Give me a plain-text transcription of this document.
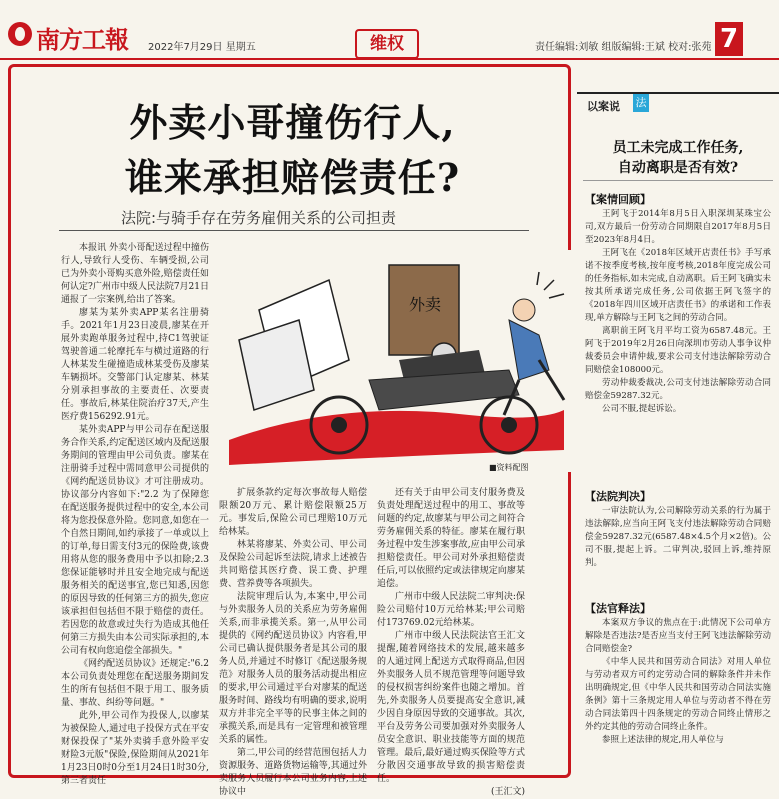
南方工報 2022年7月29日 星期五	维权	责任编辑:刘敏 组版编辑:王斌 校对:张苑 7
外卖小哥撞伤行人,
谁来承担赔偿责任?
法院:与骑手存在劳务雇佣关系的公司担责

本报讯 外卖小哥配送过程中撞伤行人,导致行人受伤、车辆受损,公司已为外卖小哥购买意外险,赔偿责任如何认定?广州市中级人民法院7月21日通报了一宗案例,给出了答案。

廖某为某外卖APP某名注册骑手。2021年1月23日凌晨,廖某在开展外卖跑单服务过程中,持C1驾驶证驾驶普通二轮摩托车与横过道路的行人林某发生碰撞造成林某受伤及廖某车辆损坏。交警部门认定廖某、林某分别承担事故的主要责任、次要责任。事故后,林某住院治疗37天,产生医疗费156292.91元。

某外卖APP与甲公司存在配送服务合作关系,约定配送区域内及配送服务期间的管理由甲公司负责。廖某在注册骑手过程中需同意甲公司提供的《网约配送员协议》才可注册成功。协议部分内容如下:"2.2 为了保障您在配送服务提供过程中的安全,本公司将为您投保意外险。您同意,如您在一个自然日期间,如约承接了一单或以上的订单,每日需支付3元的保险费,该费用将从您的服务费用中予以扣除;2.3 您保证能够时并且安全地完成与配送服务相关的配送事宜,您已知悉,因您的原因导致的任何第三方的损失,您应该承担但包括但不限于赔偿的责任。若因您的故意或过失行为造成其他任何第三方损失由本公司实际承担的,本公司有权向您追偿全部损失。"

《网约配送员协议》还规定:"6.2 本公司负责处理您在配送服务期间发生的所有包括但不限于用工、服务质量、事故、纠纷等问题。"

此外,甲公司作为投保人,以廖某为被保险人,通过电子投保方式在平安财保投保了"某外卖骑手意外险平安财险3元版"保险,保险期间从2021年1月23日0时0分至1月24日1时30分,第三者责任

外卖
■资料配图

扩展条款约定每次事故每人赔偿限额20万元、累计赔偿限额25万元。事发后,保险公司已理赔10万元给林某。

林某将廖某、外卖公司、甲公司及保险公司起诉至法院,请求上述被告共同赔偿其医疗费、误工费、护理费、营养费等各项损失。

法院审理后认为,本案中,甲公司与外卖服务人员的关系应为劳务雇佣关系,而非承揽关系。第一,从甲公司提供的《网约配送员协议》内容看,甲公司已确认提供服务者是其公司的服务人员,并通过不时修订《配送服务规范》对服务人员的服务活动提出相应的要求,甲公司通过平台对廖某的配送服务时间、路线均有明确的要求,说明双方并非完全平等的民事主体之间的承揽关系,而是具有一定管理和被管理关系的属性。

第二,甲公司的经营范围包括人力资源服务、道路货物运输等,其通过外卖服务人员履行本公司业务内容,上述协议中

还有关于由甲公司支付服务费及负责处理配送过程中的用工、事故等问题的约定,故廖某与甲公司之间符合劳务雇佣关系的特征。廖某在履行职务过程中发生涉案事故,应由甲公司承担赔偿责任。甲公司对外承担赔偿责任后,可以依照约定或法律规定向廖某追偿。

广州市中级人民法院二审判决:保险公司赔付10万元给林某;甲公司赔付173769.02元给林某。

广州市中级人民法院法官王汇文提醒,随着网络技术的发展,越来越多的人通过网上配送方式取得商品,但因外卖服务人员不规范管理等问题导致的侵权损害纠纷案件也随之增加。首先,外卖服务人员要提高安全意识,减少因自身原因导致的交通事故。其次,平台及劳务公司要加强对外卖服务人员安全意识、职业技能等方面的规范管理。最后,最好通过购买保险等方式分散因交通事故导致的损害赔偿责任。

(王汇文)

以案说 法
员工未完成工作任务,
自动离职是否有效?
【案情回顾】

王阿飞于2014年8月5日入职深圳某珠宝公司,双方最后一份劳动合同期限自2017年8月5日至2023年8月4日。

王阿飞在《2018年区域开店责任书》手写承诺不按季度考核,按年度考核,2018年度完成公司的任务指标,如未完成,自动离职。后王阿飞确实未按其所承诺完成任务,公司依据王阿飞签字的《2018年四川区域开店责任书》的承诺和工作表现,单方解除与王阿飞之间的劳动合同。

离职前王阿飞月平均工资为6587.48元。王阿飞于2019年2月26日向深圳市劳动人事争议仲裁委员会申请仲裁,要求公司支付违法解除劳动合同赔偿金108000元。

劳动仲裁委裁决,公司支付违法解除劳动合同赔偿金59287.32元。

公司不服,提起诉讼。

【法院判决】

一审法院认为,公司解除劳动关系的行为属于违法解除,应当向王阿飞支付违法解除劳动合同赔偿金59287.32元(6587.48×4.5个月×2倍)。公司不服,提起上诉。二审判决,驳回上诉,维持原判。

【法官释法】

本案双方争议的焦点在于:此情况下公司单方解除是否违法?是否应当支付王阿飞违法解除劳动合同赔偿金?

《中华人民共和国劳动合同法》对用人单位与劳动者双方可约定劳动合同的解除条件并未作出明确规定,但《中华人民共和国劳动合同法实施条例》第十三条规定用人单位与劳动者不得在劳动合同法第四十四条规定的劳动合同终止情形之外约定其他的劳动合同终止条件。

参照上述法律的规定,用人单位与
